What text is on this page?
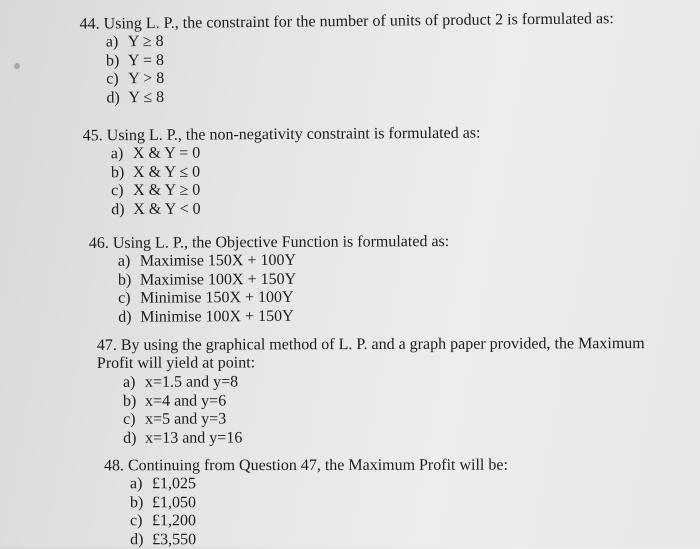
44. Using L. P., the constraint for the number of units of product 2 is formulated as:
a) Y ≥ 8
b) Y = 8
c) Y > 8
d) Y ≤ 8
45. Using L. P., the non-negativity constraint is formulated as:
a) X & Y = 0
b) X & Y ≤ 0
c) X & Y ≥ 0
d) X & Y < 0
46. Using L. P., the Objective Function is formulated as:
a) Maximise 150X + 100Y
b) Maximise 100X + 150Y
c) Minimise 150X + 100Y
d) Minimise 100X + 150Y
47. By using the graphical method of L. P. and a graph paper provided, the Maximum
Profit will yield at point:
a) x=1.5 and y=8
b) x=4 and y=6
c) x=5 and y=3
d) x=13 and y=16
48. Continuing from Question 47, the Maximum Profit will be:
a) £1,025
b) £1,050
c) £1,200
d) £3,550
